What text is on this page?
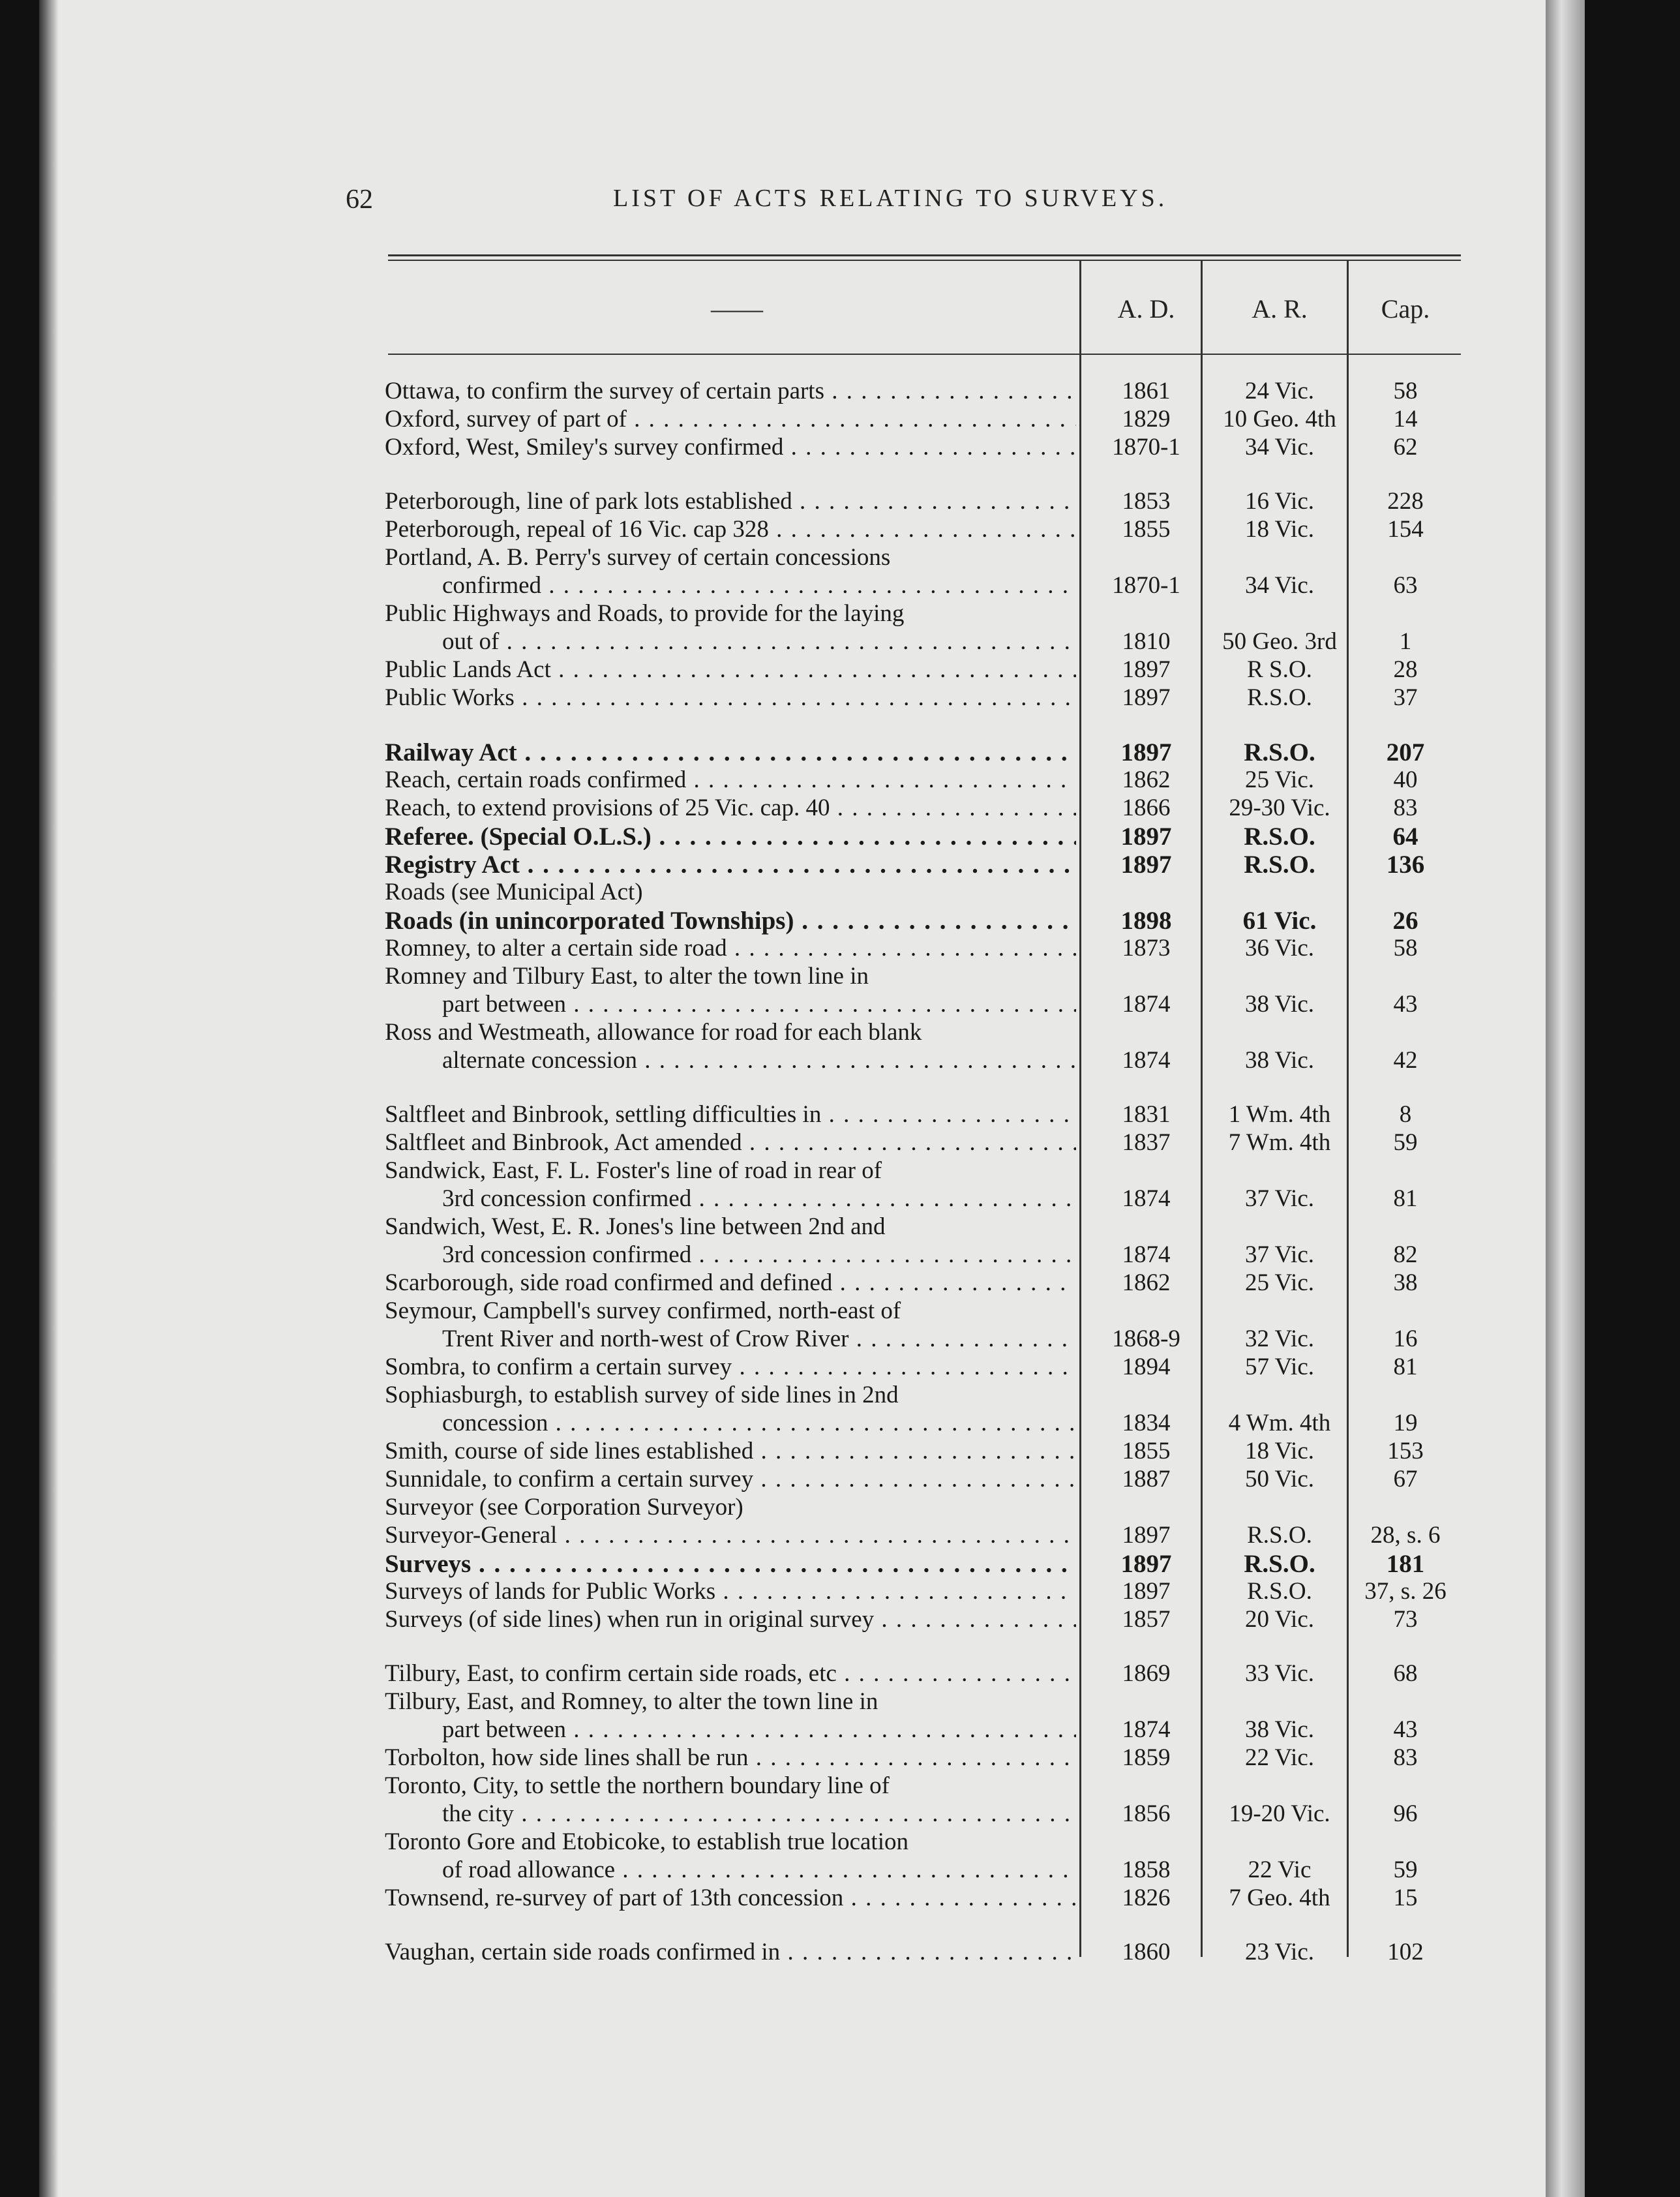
62	LIST OF ACTS RELATING TO SURVEYS.
——	A. D.	A. R.	Cap.
Ottawa, to confirm the survey of certain parts . . .	1861	24 Vic.	58
Oxford, survey of part of . . .	1829	10 Geo. 4th	14
Oxford, West, Smiley's survey confirmed . . .	1870-1	34 Vic.	62
Peterborough, line of park lots established . . .	1853	16 Vic.	228
Peterborough, repeal of 16 Vic. cap 328 . . .	1855	18 Vic.	154
Portland, A. B. Perry's survey of certain concessions
confirmed . . .	1870-1	34 Vic.	63
Public Highways and Roads, to provide for the laying
out of . . .	1810	50 Geo. 3rd	1
Public Lands Act . . .	1897	R S.O.	28
Public Works . . .	1897	R.S.O.	37
Railway Act . . .	1897	R.S.O.	207
Reach, certain roads confirmed . . .	1862	25 Vic.	40
Reach, to extend provisions of 25 Vic. cap. 40 . . .	1866	29-30 Vic.	83
Referee. (Special O.L.S.) . . .	1897	R.S.O.	64
Registry Act . . .	1897	R.S.O.	136
Roads (see Municipal Act)
Roads (in unincorporated Townships) . . .	1898	61 Vic.	26
Romney, to alter a certain side road . . .	1873	36 Vic.	58
Romney and Tilbury East, to alter the town line in
part between . . .	1874	38 Vic.	43
Ross and Westmeath, allowance for road for each blank
alternate concession . . .	1874	38 Vic.	42
Saltfleet and Binbrook, settling difficulties in . . .	1831	1 Wm. 4th	8
Saltfleet and Binbrook, Act amended . . .	1837	7 Wm. 4th	59
Sandwick, East, F. L. Foster's line of road in rear of
3rd concession confirmed . . .	1874	37 Vic.	81
Sandwich, West, E. R. Jones's line between 2nd and
3rd concession confirmed . . .	1874	37 Vic.	82
Scarborough, side road confirmed and defined . . .	1862	25 Vic.	38
Seymour, Campbell's survey confirmed, north-east of
Trent River and north-west of Crow River . . .	1868-9	32 Vic.	16
Sombra, to confirm a certain survey . . .	1894	57 Vic.	81
Sophiasburgh, to establish survey of side lines in 2nd
concession . . .	1834	4 Wm. 4th	19
Smith, course of side lines established . . .	1855	18 Vic.	153
Sunnidale, to confirm a certain survey . . .	1887	50 Vic.	67
Surveyor (see Corporation Surveyor)
Surveyor-General . . .	1897	R.S.O.	28, s. 6
Surveys . . .	1897	R.S.O.	181
Surveys of lands for Public Works . . .	1897	R.S.O.	37, s. 26
Surveys (of side lines) when run in original survey . . .	1857	20 Vic.	73
Tilbury, East, to confirm certain side roads, etc . . .	1869	33 Vic.	68
Tilbury, East, and Romney, to alter the town line in
part between . . .	1874	38 Vic.	43
Torbolton, how side lines shall be run . . .	1859	22 Vic.	83
Toronto, City, to settle the northern boundary line of
the city . . .	1856	19-20 Vic.	96
Toronto Gore and Etobicoke, to establish true location
of road allowance . . .	1858	22 Vic	59
Townsend, re-survey of part of 13th concession . . .	1826	7 Geo. 4th	15
Vaughan, certain side roads confirmed in . . .	1860	23 Vic.	102
